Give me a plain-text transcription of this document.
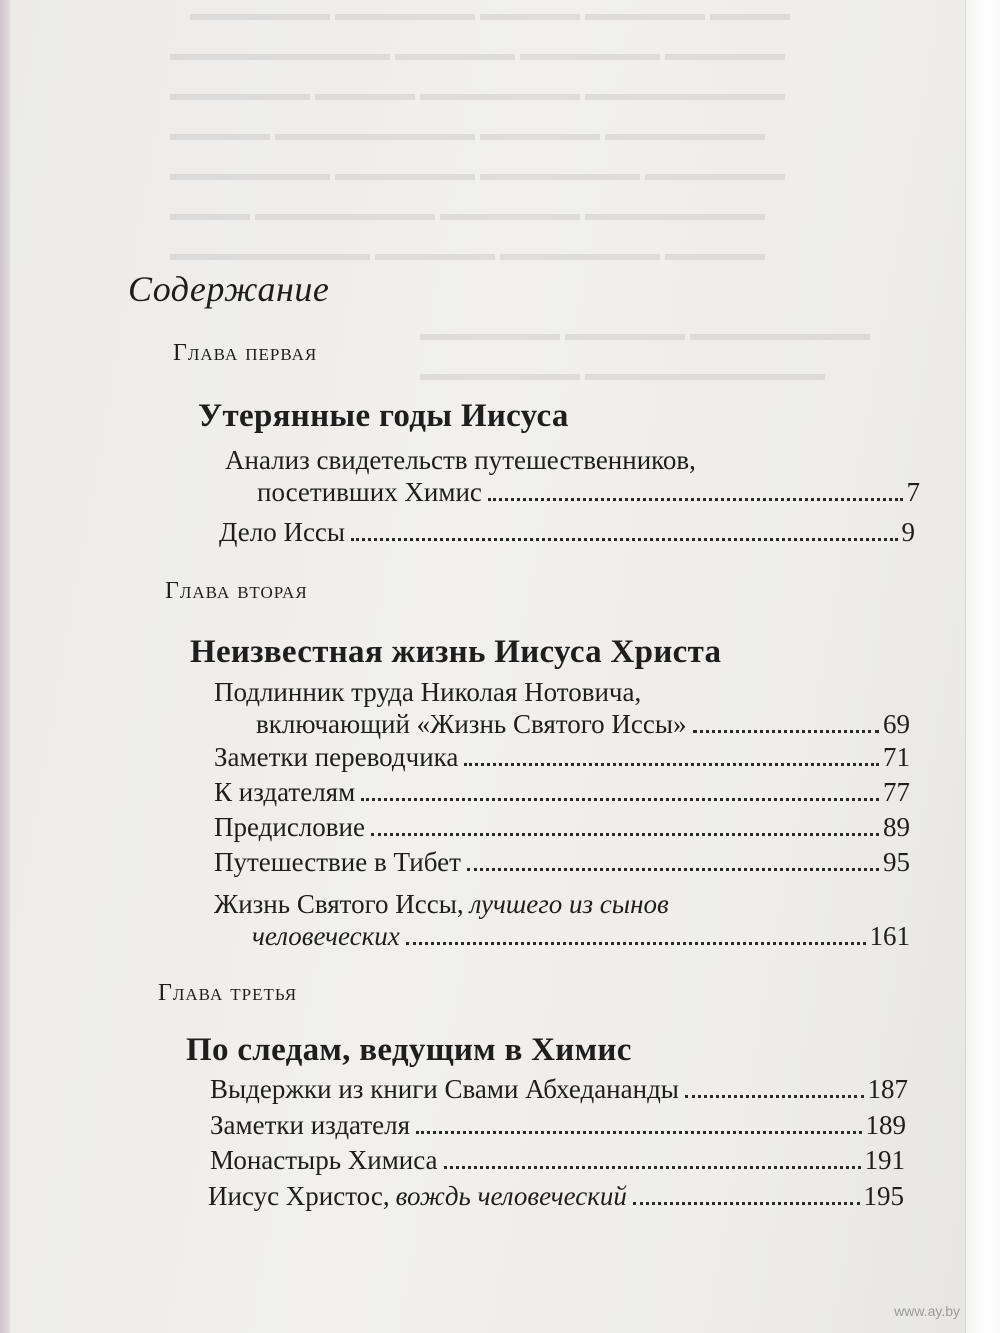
▬▬▬▬▬▬▬ ▬▬▬▬▬▬▬ ▬▬▬▬▬ ▬▬▬▬▬▬ ▬▬▬▬
▬▬▬▬▬▬▬▬▬▬▬ ▬▬▬▬▬▬ ▬▬▬▬▬▬▬ ▬▬▬▬▬▬
▬▬▬▬▬▬▬ ▬▬▬▬▬ ▬▬▬▬▬▬▬▬ ▬▬▬▬▬▬▬▬▬▬
▬▬▬▬▬ ▬▬▬▬▬▬▬▬▬▬ ▬▬▬▬▬▬ ▬▬▬▬▬▬▬▬
▬▬▬▬▬▬▬▬ ▬▬▬▬▬▬▬ ▬▬▬▬▬▬▬▬ ▬▬▬▬▬▬▬
▬▬▬▬ ▬▬▬▬▬▬▬▬▬ ▬▬▬▬▬▬▬ ▬▬▬▬▬▬▬▬▬
▬▬▬▬▬▬▬▬▬▬ ▬▬▬▬▬▬ ▬▬▬▬▬▬▬▬ ▬▬▬▬▬
▬▬▬▬▬▬▬ ▬▬▬▬▬▬ ▬▬▬▬▬▬▬▬▬
▬▬▬▬▬▬▬▬ ▬▬▬▬▬▬▬▬▬▬▬▬
Содержание
Глава первая
Утерянные годы Иисуса
Анализ свидетельств путешественников,
посетивших Химис	7
Дело Иссы	9
Глава вторая
Неизвестная жизнь Иисуса Христа
Подлинник труда Николая Нотовича,
включающий «Жизнь Святого Иссы»	69
Заметки переводчика	71
К издателям	77
Предисловие	89
Путешествие в Тибет	95
Жизнь Святого Иссы, лучшего из сынов
человеческих	161
Глава третья
По следам, ведущим в Химис
Выдержки из книги Свами Абхедананды	187
Заметки издателя	189
Монастырь Химиса	191
Иисус Христос, вождь человеческий	195
www.ay.by
